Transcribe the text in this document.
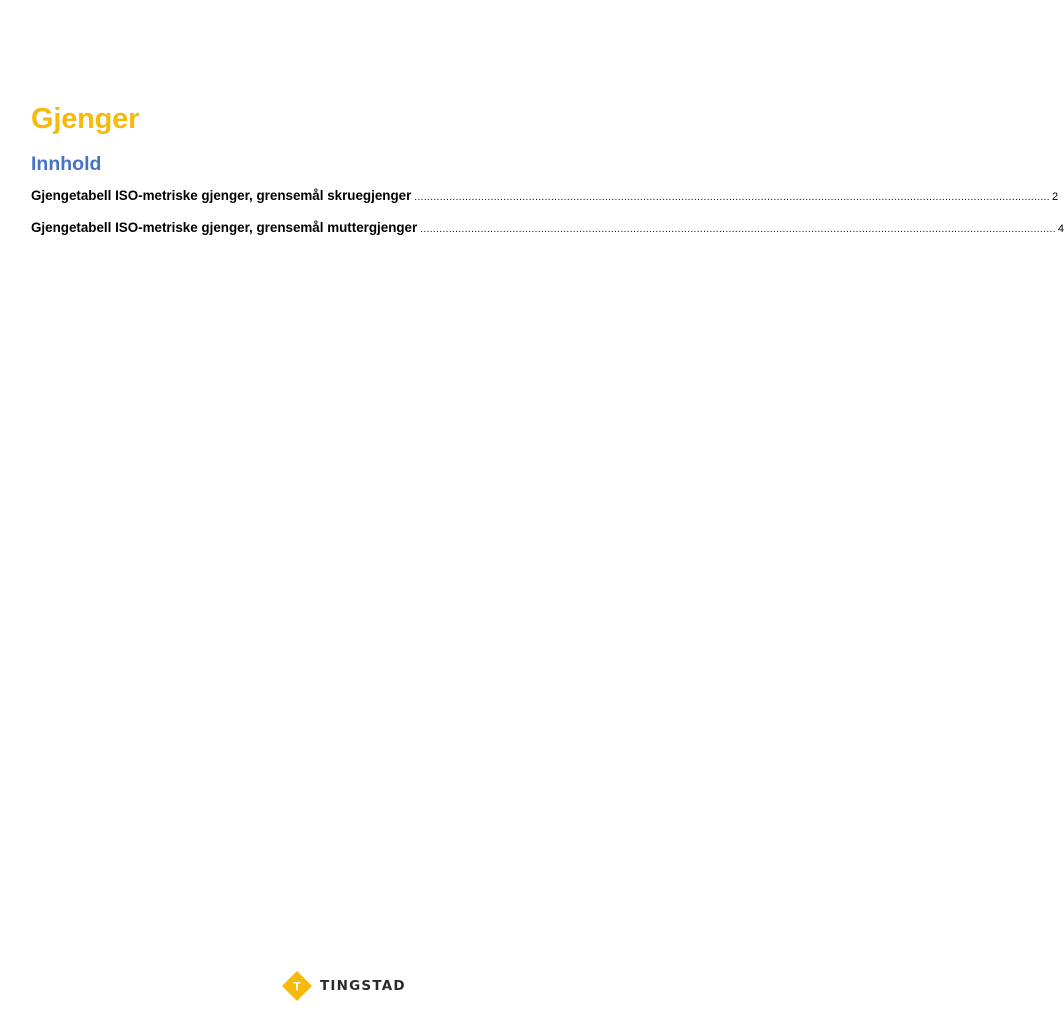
Gjenger
Innhold
Gjengetabell ISO-metriske gjenger, grensemål skruegjenger ........................................................................................................................................................................................................ 2
Gjengetabell ISO-metriske gjenger, grensemål muttergjenger ........................................................................................................................................................................................................ 4
T TINGSTAD
